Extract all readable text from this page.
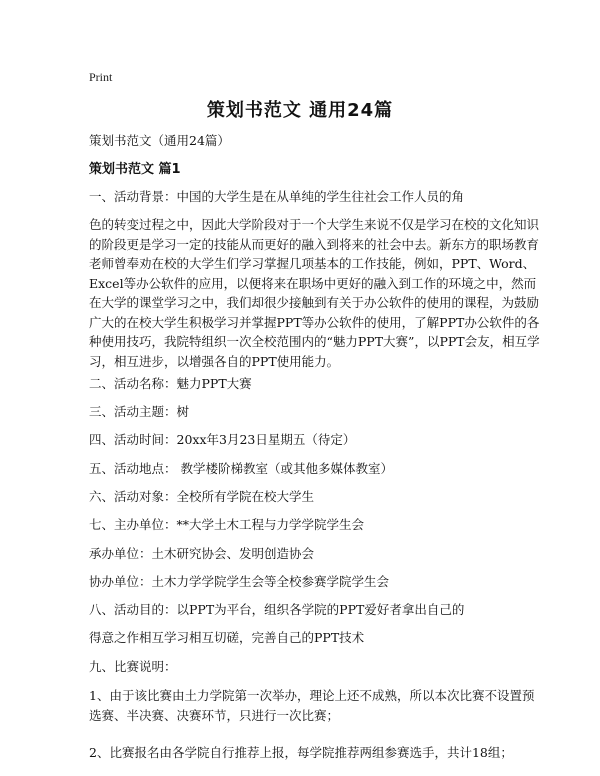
Print
策划书范文 通用24篇
策划书范文（通用24篇）
策划书范文 篇1
一、活动背景：中国的大学生是在从单纯的学生往社会工作人员的角
色的转变过程之中，因此大学阶段对于一个大学生来说不仅是学习在校的文化知识
的阶段更是学习一定的技能从而更好的融入到将来的社会中去。新东方的职场教育
老师曾奉劝在校的大学生们学习掌握几项基本的工作技能，例如，PPT、Word、
Excel等办公软件的应用，以便将来在职场中更好的融入到工作的环境之中，然而
在大学的课堂学习之中，我们却很少接触到有关于办公软件的使用的课程，为鼓励
广大的在校大学生积极学习并掌握PPT等办公软件的使用，了解PPT办公软件的各
种使用技巧，我院特组织一次全校范围内的“魅力PPT大赛”，以PPT会友，相互学
习，相互进步，以增强各自的PPT使用能力。
二、活动名称：魅力PPT大赛
三、活动主题：树
四、活动时间：20xx年3月23日星期五（待定）
五、活动地点： 教学楼阶梯教室（或其他多媒体教室）
六、活动对象：全校所有学院在校大学生
七、主办单位：**大学土木工程与力学学院学生会
承办单位：土木研究协会、发明创造协会
协办单位：土木力学学院学生会等全校参赛学院学生会
八、活动目的：以PPT为平台，组织各学院的PPT爱好者拿出自己的
得意之作相互学习相互切磋，完善自己的PPT技术
九、比赛说明：
1、由于该比赛由土力学院第一次举办，理论上还不成熟，所以本次比赛不设置预
选赛、半决赛、决赛环节，只进行一次比赛；
2、比赛报名由各学院自行推荐上报，每学院推荐两组参赛选手，共计18组；
